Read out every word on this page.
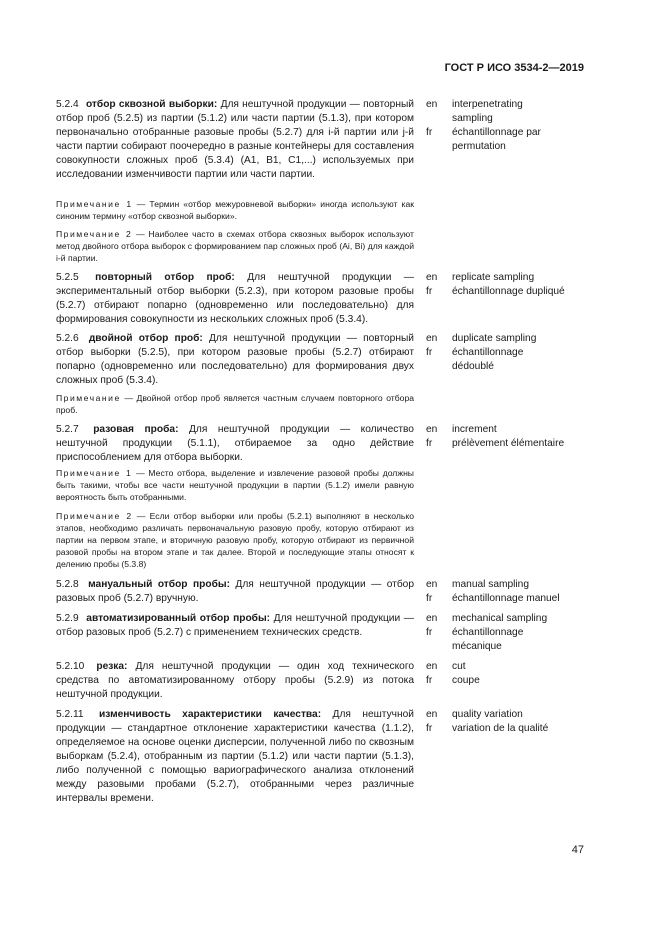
ГОСТ Р ИСО 3534-2—2019

5.2.4 отбор сквозной выборки: Для нештучной продукции — повторный отбор проб (5.2.5) из партии (5.1.2) или части партии (5.1.3), при котором первоначально отобранные разовые пробы (5.2.7) для i-й партии или j-й части партии собирают поочередно в разные контейнеры для составления совокупности сложных проб (5.3.4) (A1, B1, C1,...) используемых при исследовании изменчивости партии или части партии.

en	interpenetrating
sampling
fr	échantillonnage par
permutation

Примечание 1 — Термин «отбор межуровневой выборки» иногда используют как синоним термину «отбор сквозной выборки».

Примечание 2 — Наиболее часто в схемах отбора сквозных выборок используют метод двойного отбора выборок с формированием пар сложных проб (Ai, Bi) для каждой i-й партии.

5.2.5 повторный отбор проб: Для нештучной продукции — экспериментальный отбор выборки (5.2.3), при котором разовые пробы (5.2.7) отбирают попарно (одновременно или последовательно) для формирования совокупности из нескольких сложных проб (5.3.4).

en	replicate sampling
fr	échantillonnage dupliqué

5.2.6 двойной отбор проб: Для нештучной продукции — повторный отбор выборки (5.2.5), при котором разовые пробы (5.2.7) отбирают попарно (одновременно или последовательно) для формирования двух сложных проб (5.3.4).

en	duplicate sampling
fr	échantillonnage
dédoublé

Примечание — Двойной отбор проб является частным случаем повторного отбора проб.

5.2.7 разовая проба: Для нештучной продукции — количество нештучной продукции (5.1.1), отбираемое за одно действие приспособлением для отбора выборки.

en	increment
fr	prélèvement élémentaire

Примечание 1 — Место отбора, выделение и извлечение разовой пробы должны быть такими, чтобы все части нештучной продукции в партии (5.1.2) имели равную вероятность быть отобранными.

Примечание 2 — Если отбор выборки или пробы (5.2.1) выполняют в несколько этапов, необходимо различать первоначальную разовую пробу, которую отбирают из партии на первом этапе, и вторичную разовую пробу, которую отбирают из первичной разовой пробы на втором этапе и так далее. Второй и последующие этапы относят к делению пробы (5.3.8)

5.2.8 мануальный отбор пробы: Для нештучной продукции — отбор разовых проб (5.2.7) вручную.

en	manual sampling
fr	échantillonnage manuel

5.2.9 автоматизированный отбор пробы: Для нештучной продукции — отбор разовых проб (5.2.7) с применением технических средств.

en	mechanical sampling
fr	échantillonnage
mécanique

5.2.10 резка: Для нештучной продукции — один ход технического средства по автоматизированному отбору пробы (5.2.9) из потока нештучной продукции.

en	cut
fr	coupe

5.2.11 изменчивость характеристики качества: Для нештучной продукции — стандартное отклонение характеристики качества (1.1.2), определяемое на основе оценки дисперсии, полученной либо по сквозным выборкам (5.2.4), отобранным из партии (5.1.2) или части партии (5.1.3), либо полученной с помощью вариографического анализа отклонений между разовыми пробами (5.2.7), отобранными через различные интервалы времени.

en	quality variation
fr	variation de la qualité
47
